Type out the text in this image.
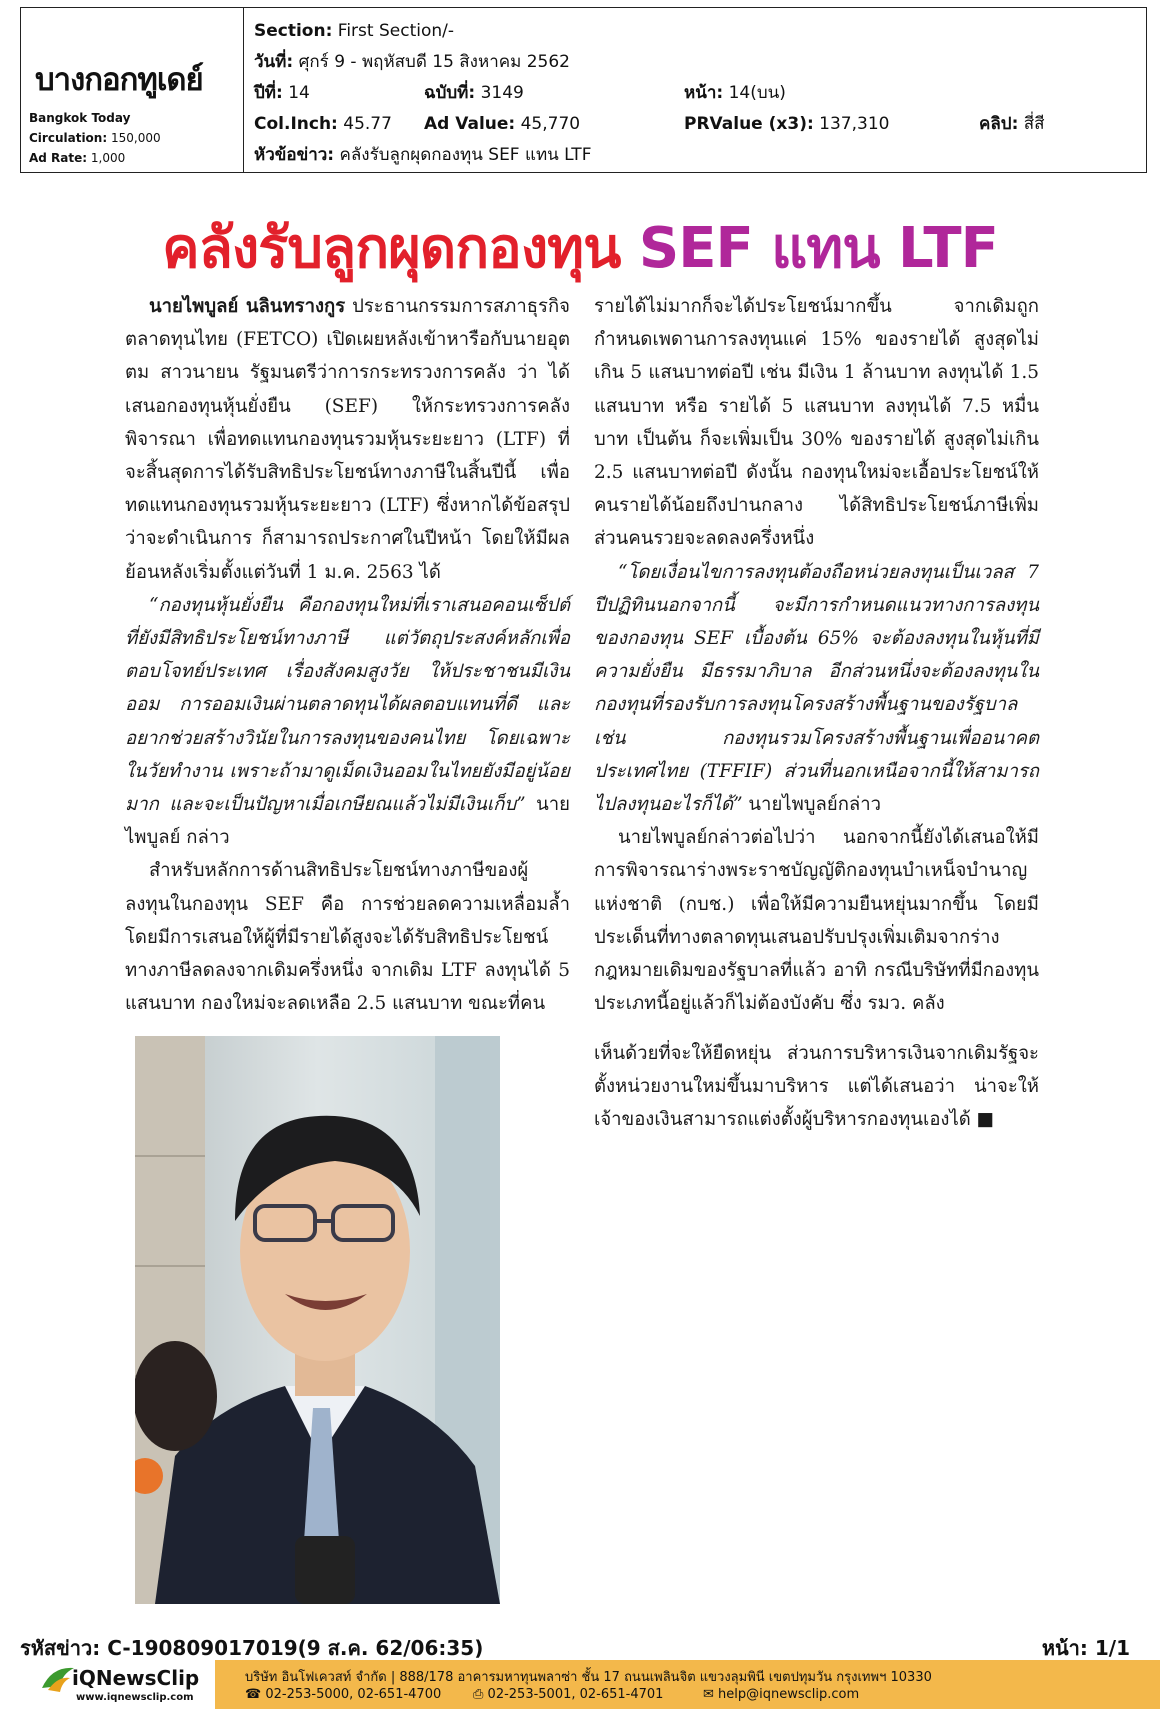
บางกอกทูเดย์
Bangkok Today
Circulation: 150,000
Ad Rate: 1,000
Section: First Section/-
วันที่: ศุกร์ 9 - พฤหัสบดี 15 สิงหาคม 2562
ปีที่: 14	ฉบับที่: 3149	หน้า: 14(บน)
Col.Inch: 45.77 Ad Value: 45,770	PRValue (x3): 137,310	คลิป: สี่สี
หัวข้อข่าว: คลังรับลูกผุดกองทุน SEF แทน LTF
คลังรับลูกผุดกองทุน SEF แทน LTF

นายไพบูลย์ นลินทรางกูร ประธานกรรมการสภาธุรกิจตลาดทุนไทย (FETCO) เปิดเผยหลังเข้าหารือกับนายอุตตม สาวนายน รัฐมนตรีว่าการกระทรวงการคลัง ว่า ได้เสนอกองทุนหุ้นยั่งยืน (SEF) ให้กระทรวงการคลังพิจารณา เพื่อทดแทนกองทุนรวมหุ้นระยะยาว (LTF) ที่จะสิ้นสุดการได้รับสิทธิประโยชน์ทางภาษีในสิ้นปีนี้ เพื่อทดแทนกองทุนรวมหุ้นระยะยาว (LTF) ซึ่งหากได้ข้อสรุปว่าจะดำเนินการ ก็สามารถประกาศในปีหน้า โดยให้มีผลย้อนหลังเริ่มตั้งแต่วันที่ 1 ม.ค. 2563 ได้

“กองทุนหุ้นยั่งยืน คือกองทุนใหม่ที่เราเสนอคอนเซ็ปต์ที่ยังมีสิทธิประโยชน์ทางภาษี แต่วัตถุประสงค์หลักเพื่อตอบโจทย์ประเทศ เรื่องสังคมสูงวัย ให้ประชาชนมีเงินออม การออมเงินผ่านตลาดทุนได้ผลตอบแทนที่ดี และอยากช่วยสร้างวินัยในการลงทุนของคนไทย โดยเฉพาะในวัยทำงาน เพราะถ้ามาดูเม็ดเงินออมในไทยยังมีอยู่น้อยมาก และจะเป็นปัญหาเมื่อเกษียณแล้วไม่มีเงินเก็บ” นายไพบูลย์ กล่าว

สำหรับหลักการด้านสิทธิประโยชน์ทางภาษีของผู้ลงทุนในกองทุน SEF คือ การช่วยลดความเหลื่อมล้ำ โดยมีการเสนอให้ผู้ที่มีรายได้สูงจะได้รับสิทธิประโยชน์ทางภาษีลดลงจากเดิมครึ่งหนึ่ง จากเดิม LTF ลงทุนได้ 5 แสนบาท กองใหม่จะลดเหลือ 2.5 แสนบาท ขณะที่คน

รายได้ไม่มากก็จะได้ประโยชน์มากขึ้น จากเดิมถูกกำหนดเพดานการลงทุนแค่ 15% ของรายได้ สูงสุดไม่เกิน 5 แสนบาทต่อปี เช่น มีเงิน 1 ล้านบาท ลงทุนได้ 1.5 แสนบาท หรือ รายได้ 5 แสนบาท ลงทุนได้ 7.5 หมื่นบาท เป็นต้น ก็จะเพิ่มเป็น 30% ของรายได้ สูงสุดไม่เกิน 2.5 แสนบาทต่อปี ดังนั้น กองทุนใหม่จะเอื้อประโยชน์ให้คนรายได้น้อยถึงปานกลาง ได้สิทธิประโยชน์ภาษีเพิ่ม ส่วนคนรวยจะลดลงครึ่งหนึ่ง

“โดยเงื่อนไขการลงทุนต้องถือหน่วยลงทุนเป็นเวลส 7 ปีปฏิทินนอกจากนี้ จะมีการกำหนดแนวทางการลงทุนของกองทุน SEF เบื้องต้น 65% จะต้องลงทุนในหุ้นที่มีความยั่งยืน มีธรรมาภิบาล อีกส่วนหนึ่งจะต้องลงทุนในกองทุนที่รองรับการลงทุนโครงสร้างพื้นฐานของรัฐบาล เช่น กองทุนรวมโครงสร้างพื้นฐานเพื่ออนาคตประเทศไทย (TFFIF) ส่วนที่นอกเหนือจากนี้ให้สามารถไปลงทุนอะไรก็ได้” นายไพบูลย์กล่าว

นายไพบูลย์กล่าวต่อไปว่า นอกจากนี้ยังได้เสนอให้มีการพิจารณาร่างพระราชบัญญัติกองทุนบำเหน็จบำนาญแห่งชาติ (กบช.) เพื่อให้มีความยืนหยุ่นมากขึ้น โดยมีประเด็นที่ทางตลาดทุนเสนอปรับปรุงเพิ่มเติมจากร่างกฎหมายเดิมของรัฐบาลที่แล้ว อาทิ กรณีบริษัทที่มีกองทุนประเภทนี้อยู่แล้วก็ไม่ต้องบังคับ ซึ่ง รมว. คลัง

เห็นด้วยที่จะให้ยืดหยุ่น ส่วนการบริหารเงินจากเดิมรัฐจะตั้งหน่วยงานใหม่ขึ้นมาบริหาร แต่ได้เสนอว่า น่าจะให้เจ้าของเงินสามารถแต่งตั้งผู้บริหารกองทุนเองได้ ■

รหัสข่าว: C-190809017019(9 ส.ค. 62/06:35)	หน้า: 1/1
iQNewsClip
www.iqnewsclip.com
บริษัท อินโฟเควสท์ จำกัด | 888/178 อาคารมหาทุนพลาซ่า ชั้น 17 ถนนเพลินจิต แขวงลุมพินี เขตปทุมวัน กรุงเทพฯ 10330
☎ 02-253-5000, 02-651-4700 ⎙ 02-253-5001, 02-651-4701	✉ help@iqnewsclip.com
